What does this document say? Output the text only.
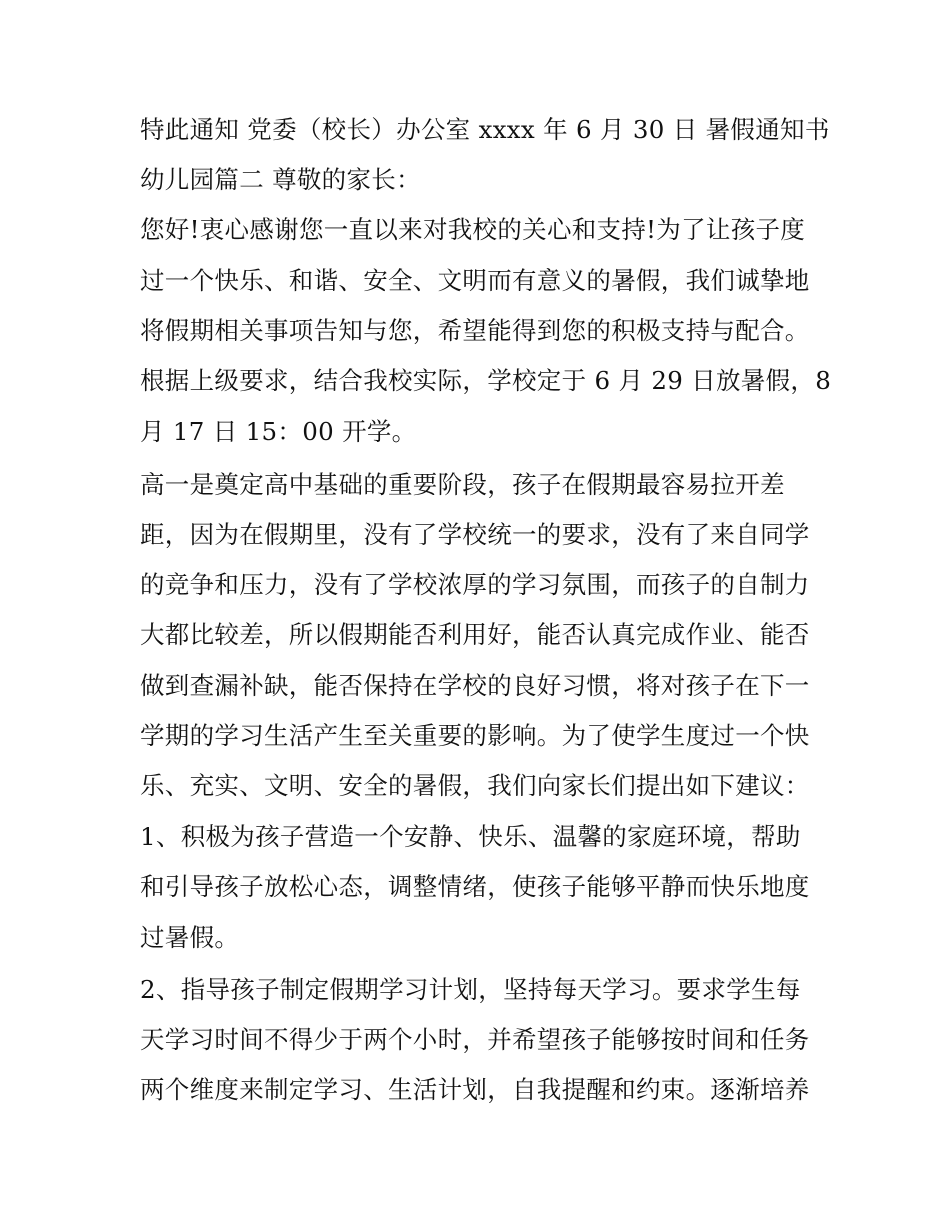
特此通知 党委（校长）办公室 xxxx 年 6 月 30 日 暑假通知书
幼儿园篇二 尊敬的家长：
您好!衷心感谢您一直以来对我校的关心和支持!为了让孩子度
过一个快乐、和谐、安全、文明而有意义的暑假，我们诚挚地
将假期相关事项告知与您，希望能得到您的积极支持与配合。
根据上级要求，结合我校实际，学校定于 6 月 29 日放暑假，8
月 17 日 15：00 开学。
高一是奠定高中基础的重要阶段，孩子在假期最容易拉开差
距，因为在假期里，没有了学校统一的要求，没有了来自同学
的竞争和压力，没有了学校浓厚的学习氛围，而孩子的自制力
大都比较差，所以假期能否利用好，能否认真完成作业、能否
做到查漏补缺，能否保持在学校的良好习惯，将对孩子在下一
学期的学习生活产生至关重要的影响。为了使学生度过一个快
乐、充实、文明、安全的暑假，我们向家长们提出如下建议：
1、积极为孩子营造一个安静、快乐、温馨的家庭环境，帮助
和引导孩子放松心态，调整情绪，使孩子能够平静而快乐地度
过暑假。
2、指导孩子制定假期学习计划，坚持每天学习。要求学生每
天学习时间不得少于两个小时，并希望孩子能够按时间和任务
两个维度来制定学习、生活计划，自我提醒和约束。逐渐培养
